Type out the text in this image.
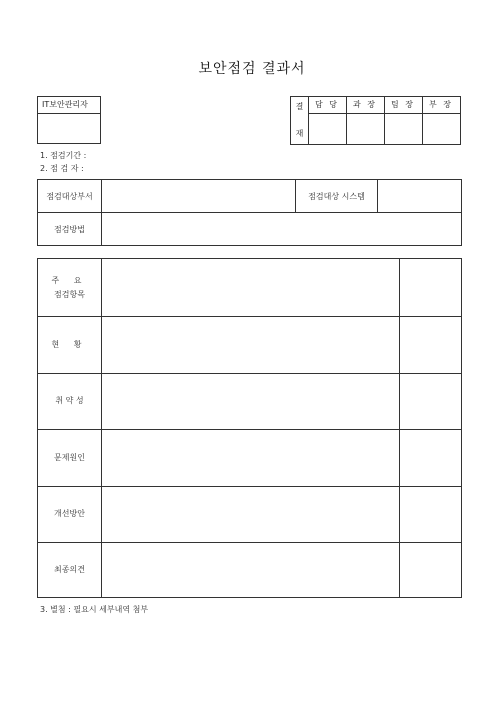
보안점검 결과서
IT보안관리자	결
재
담 당	과 장	팀 장	부 장
1. 점검기간 :
2. 점 검 자 :
점검대상부서	점검대상 시스템
점검방법
주 요
점검항목
현 황
취 약 성
문제원인
개선방안
최종의견
3. 별첨 : 필요시 세부내역 첨부
